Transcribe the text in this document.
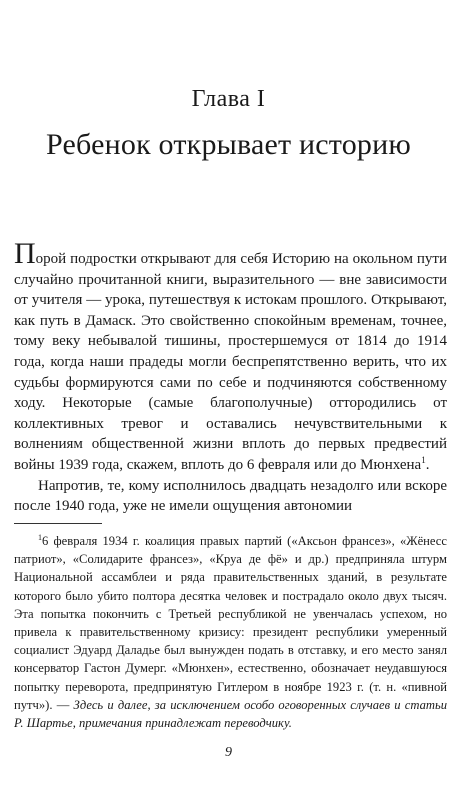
Глава I
Ребенок открывает историю

Порой подростки открывают для себя Историю на окольном пути случайно прочитанной книги, выразительного — вне зависимости от учителя — урока, путешествуя к истокам прошлого. Открывают, как путь в Дамаск. Это свойственно спокойным временам, точнее, тому веку небывалой тишины, простершемуся от 1814 до 1914 года, когда наши прадеды могли беспрепятственно верить, что их судьбы формируются сами по себе и подчиняются собственному ходу. Некоторые (самые благополучные) оттородились от коллективных тревог и оставались нечувствительными к волнениям общественной жизни вплоть до первых предвестий войны 1939 года, скажем, вплоть до 6 февраля или до Мюнхена$^1$.

Напротив, те, кому исполнилось двадцать незадолго или вскоре после 1940 года, уже не имели ощущения автономии

$^1$6 февраля 1934 г. коалиция правых партий («Аксьон франсез», «Жёнесс патриот», «Солидарите франсез», «Круа де фё» и др.) предприняла штурм Национальной ассамблеи и ряда правительственных зданий, в результате которого было убито полтора десятка человек и пострадало около двух тысяч. Эта попытка покончить с Третьей республикой не увенчалась успехом, но привела к правительственному кризису: президент республики умеренный социалист Эдуард Даладье был вынужден подать в отставку, и его место занял консерватор Гастон Думерг. «Мюнхен», естественно, обозначает неудавшуюся попытку переворота, предпринятую Гитлером в ноябре 1923 г. (т. н. «пивной путч»). — Здесь и далее, за исключением особо оговоренных случаев и статьи Р. Шартье, примечания принадлежат переводчику.

9
